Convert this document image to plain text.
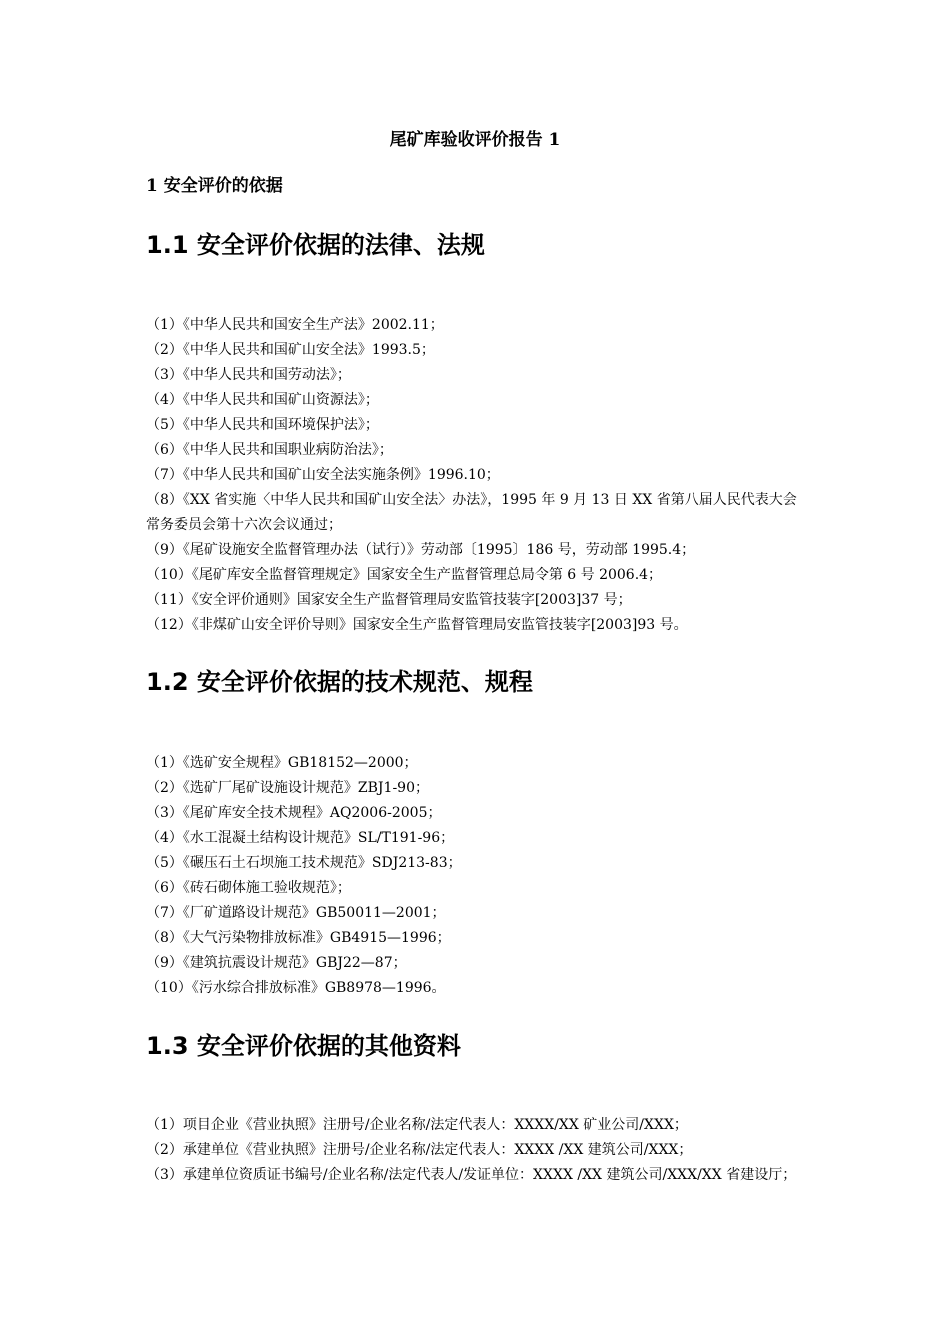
尾矿库验收评价报告 1
1 安全评价的依据
1.1 安全评价依据的法律、法规
（1）《中华人民共和国安全生产法》2002.11；
（2）《中华人民共和国矿山安全法》1993.5；
（3）《中华人民共和国劳动法》；
（4）《中华人民共和国矿山资源法》；
（5）《中华人民共和国环境保护法》；
（6）《中华人民共和国职业病防治法》；
（7）《中华人民共和国矿山安全法实施条例》1996.10；
（8）《XX 省实施〈中华人民共和国矿山安全法〉办法》，1995 年 9 月 13 日 XX 省第八届人民代表大会常务委员会第十六次会议通过；
（9）《尾矿设施安全监督管理办法（试行）》劳动部〔1995〕186 号，劳动部 1995.4；
（10）《尾矿库安全监督管理规定》国家安全生产监督管理总局令第 6 号 2006.4；
（11）《安全评价通则》国家安全生产监督管理局安监管技装字[2003]37 号；
（12）《非煤矿山安全评价导则》国家安全生产监督管理局安监管技装字[2003]93 号。
1.2 安全评价依据的技术规范、规程
（1）《选矿安全规程》GB18152—2000；
（2）《选矿厂尾矿设施设计规范》ZBJ1-90；
（3）《尾矿库安全技术规程》AQ2006-2005；
（4）《水工混凝土结构设计规范》SL/T191-96；
（5）《碾压石土石坝施工技术规范》SDJ213-83；
（6）《砖石砌体施工验收规范》；
（7）《厂矿道路设计规范》GB50011—2001；
（8）《大气污染物排放标准》GB4915—1996；
（9）《建筑抗震设计规范》GBJ22—87；
（10）《污水综合排放标准》GB8978—1996。
1.3 安全评价依据的其他资料
（1）项目企业《营业执照》注册号/企业名称/法定代表人：XXXX/XX 矿业公司/XXX；
（2）承建单位《营业执照》注册号/企业名称/法定代表人：XXXX /XX 建筑公司/XXX；
（3）承建单位资质证书编号/企业名称/法定代表人/发证单位：XXXX /XX 建筑公司/XXX/XX 省建设厅；
